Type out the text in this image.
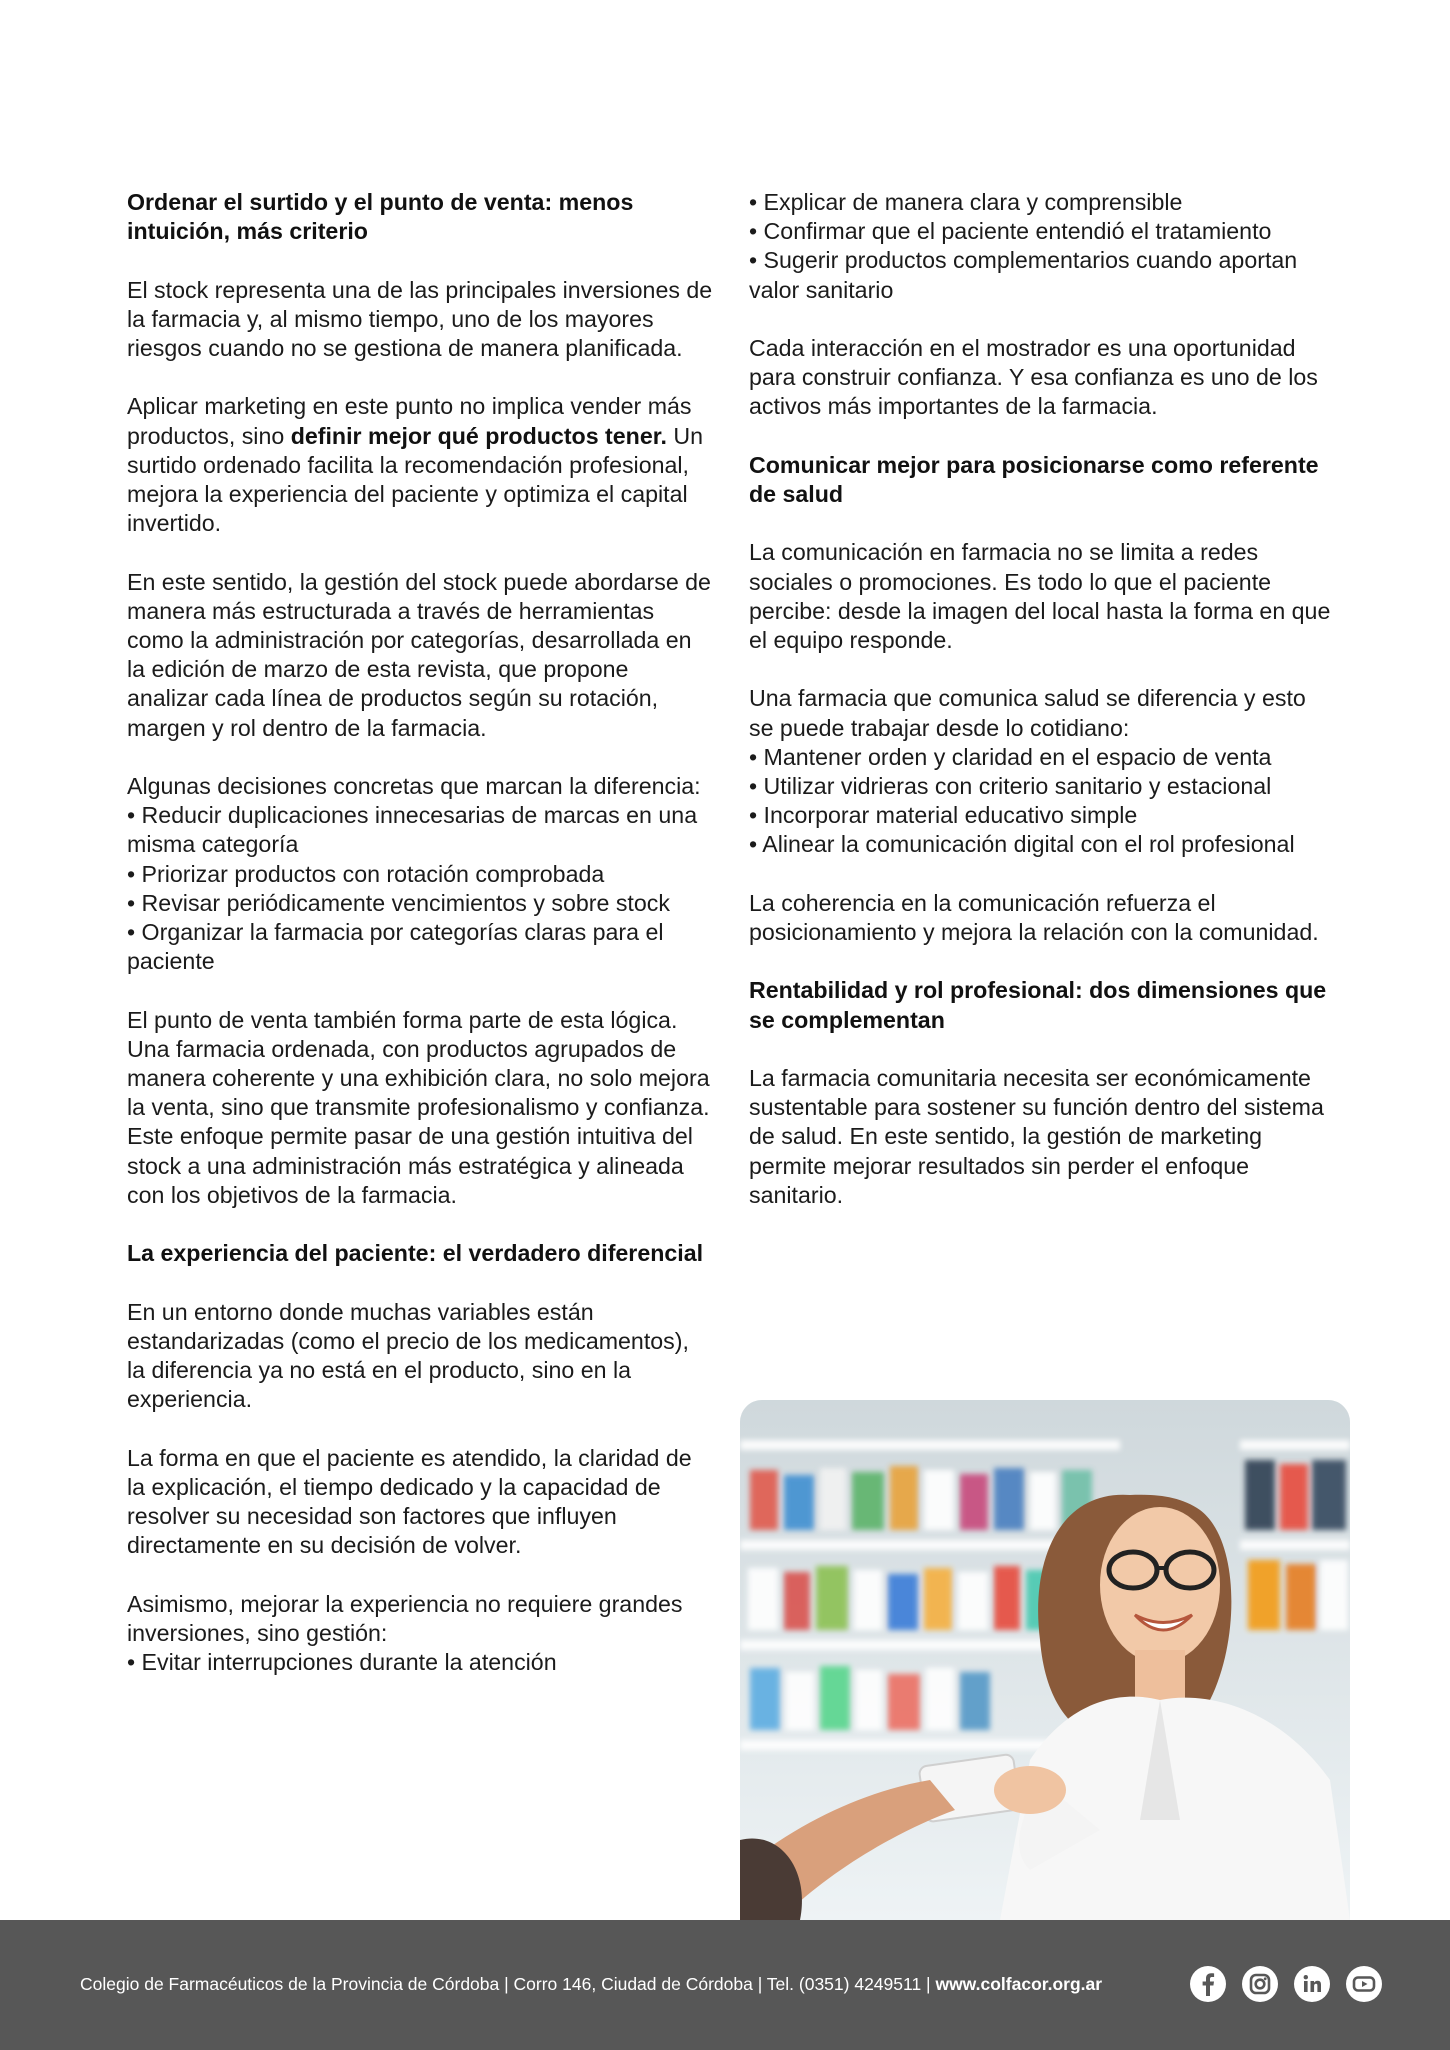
Ordenar el surtido y el punto de venta: menos intuición, más criterio

El stock representa una de las principales inversiones de la farmacia y, al mismo tiempo, uno de los mayores riesgos cuando no se gestiona de manera planificada.

Aplicar marketing en este punto no implica vender más productos, sino definir mejor qué productos tener. Un surtido ordenado facilita la recomendación profesional, mejora la experiencia del paciente y optimiza el capital invertido.

En este sentido, la gestión del stock puede abordarse de manera más estructurada a través de herramientas como la administración por categorías, desarrollada en la edición de marzo de esta revista, que propone analizar cada línea de productos según su rotación, margen y rol dentro de la farmacia.

Algunas decisiones concretas que marcan la diferencia:
• Reducir duplicaciones innecesarias de marcas en una misma categoría
• Priorizar productos con rotación comprobada
• Revisar periódicamente vencimientos y sobre stock
• Organizar la farmacia por categorías claras para el paciente

El punto de venta también forma parte de esta lógica. Una farmacia ordenada, con productos agrupados de manera coherente y una exhibición clara, no solo mejora la venta, sino que transmite profesionalismo y confianza. Este enfoque permite pasar de una gestión intuitiva del stock a una administración más estratégica y alineada con los objetivos de la farmacia.

La experiencia del paciente: el verdadero diferencial

En un entorno donde muchas variables están estandarizadas (como el precio de los medicamentos), la diferencia ya no está en el producto, sino en la experiencia.

La forma en que el paciente es atendido, la claridad de la explicación, el tiempo dedicado y la capacidad de resolver su necesidad son factores que influyen directamente en su decisión de volver.

Asimismo, mejorar la experiencia no requiere grandes inversiones, sino gestión:
• Evitar interrupciones durante la atención

• Explicar de manera clara y comprensible
• Confirmar que el paciente entendió el tratamiento
• Sugerir productos complementarios cuando aportan valor sanitario

Cada interacción en el mostrador es una oportunidad para construir confianza. Y esa confianza es uno de los activos más importantes de la farmacia.

Comunicar mejor para posicionarse como referente de salud

La comunicación en farmacia no se limita a redes sociales o promociones. Es todo lo que el paciente percibe: desde la imagen del local hasta la forma en que el equipo responde.

Una farmacia que comunica salud se diferencia y esto se puede trabajar desde lo cotidiano:
• Mantener orden y claridad en el espacio de venta
• Utilizar vidrieras con criterio sanitario y estacional
• Incorporar material educativo simple
• Alinear la comunicación digital con el rol profesional

La coherencia en la comunicación refuerza el posicionamiento y mejora la relación con la comunidad.

Rentabilidad y rol profesional: dos dimensiones que se complementan

La farmacia comunitaria necesita ser económicamente sustentable para sostener su función dentro del sistema de salud. En este sentido, la gestión de marketing permite mejorar resultados sin perder el enfoque sanitario.

Colegio de Farmacéuticos de la Provincia de Córdoba | Corro 146, Ciudad de Córdoba | Tel. (0351) 4249511 | www.colfacor.org.ar
